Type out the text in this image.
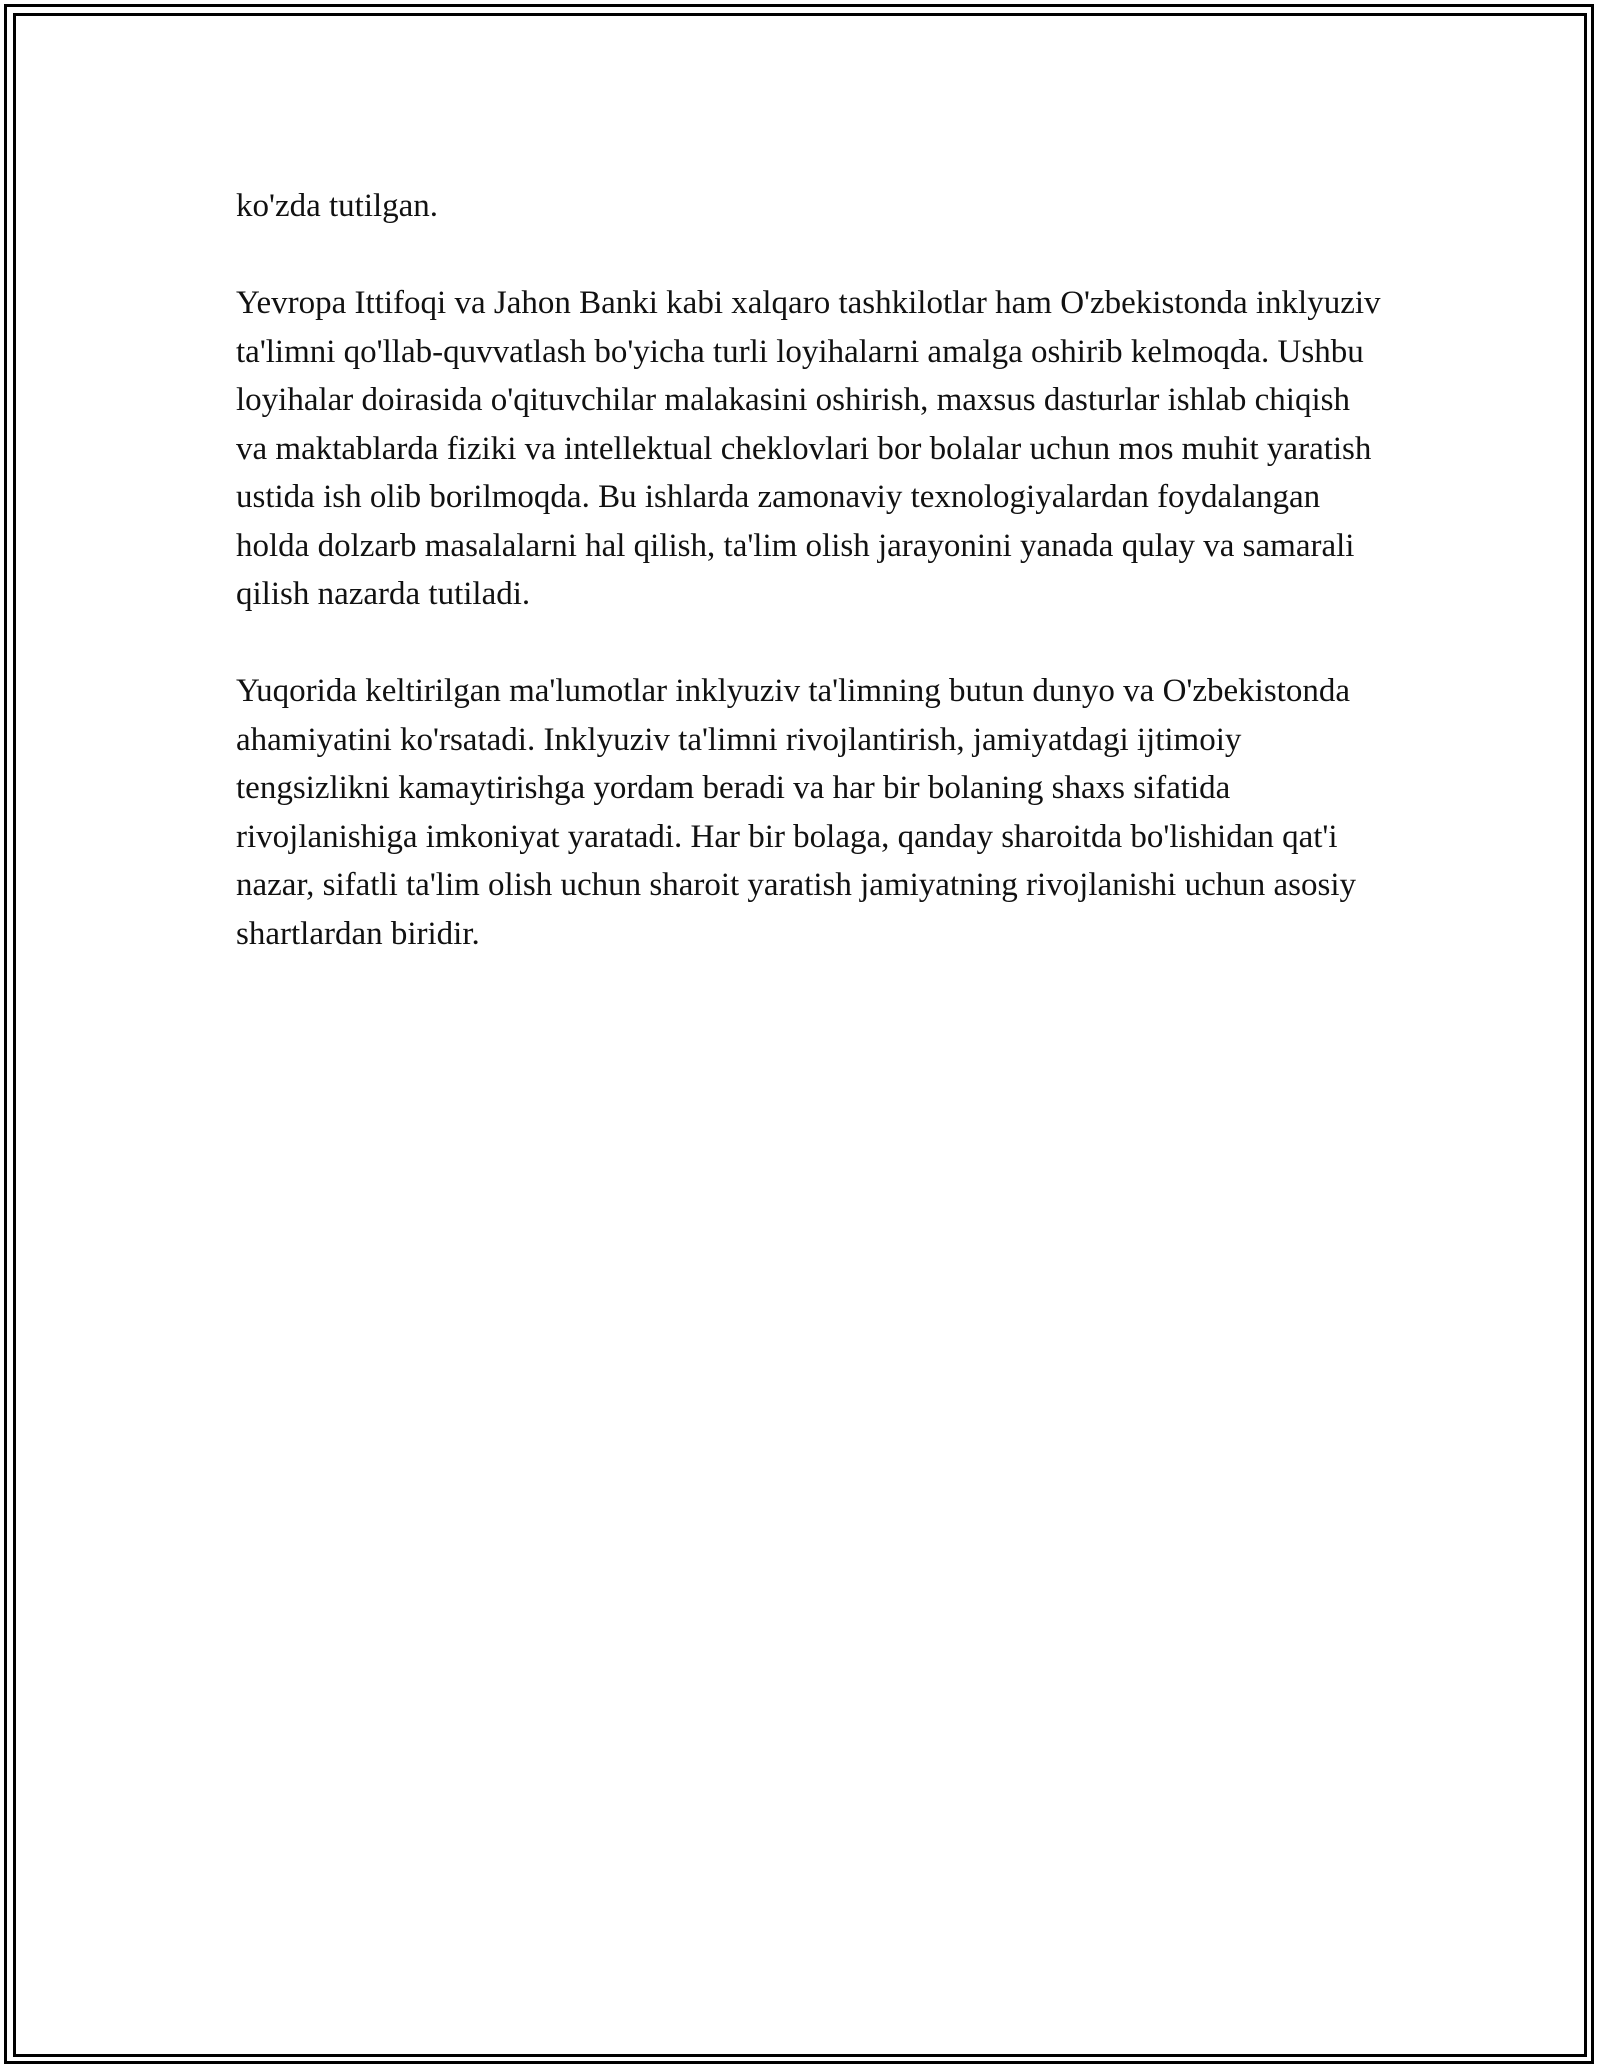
ko'zda tutilgan.

Yevropa Ittifoqi va Jahon Banki kabi xalqaro tashkilotlar ham O'zbekistonda inklyuziv ta'limni qo'llab-quvvatlash bo'yicha turli loyihalarni amalga oshirib kelmoqda. Ushbu loyihalar doirasida o'qituvchilar malakasini oshirish, maxsus dasturlar ishlab chiqish va maktablarda fiziki va intellektual cheklovlari bor bolalar uchun mos muhit yaratish ustida ish olib borilmoqda. Bu ishlarda zamonaviy texnologiyalardan foydalangan holda dolzarb masalalarni hal qilish, ta'lim olish jarayonini yanada qulay va samarali qilish nazarda tutiladi.

Yuqorida keltirilgan ma'lumotlar inklyuziv ta'limning butun dunyo va O'zbekistonda ahamiyatini ko'rsatadi. Inklyuziv ta'limni rivojlantirish, jamiyatdagi ijtimoiy tengsizlikni kamaytirishga yordam beradi va har bir bolaning shaxs sifatida rivojlanishiga imkoniyat yaratadi. Har bir bolaga, qanday sharoitda bo'lishidan qat'i nazar, sifatli ta'lim olish uchun sharoit yaratish jamiyatning rivojlanishi uchun asosiy shartlardan biridir.
